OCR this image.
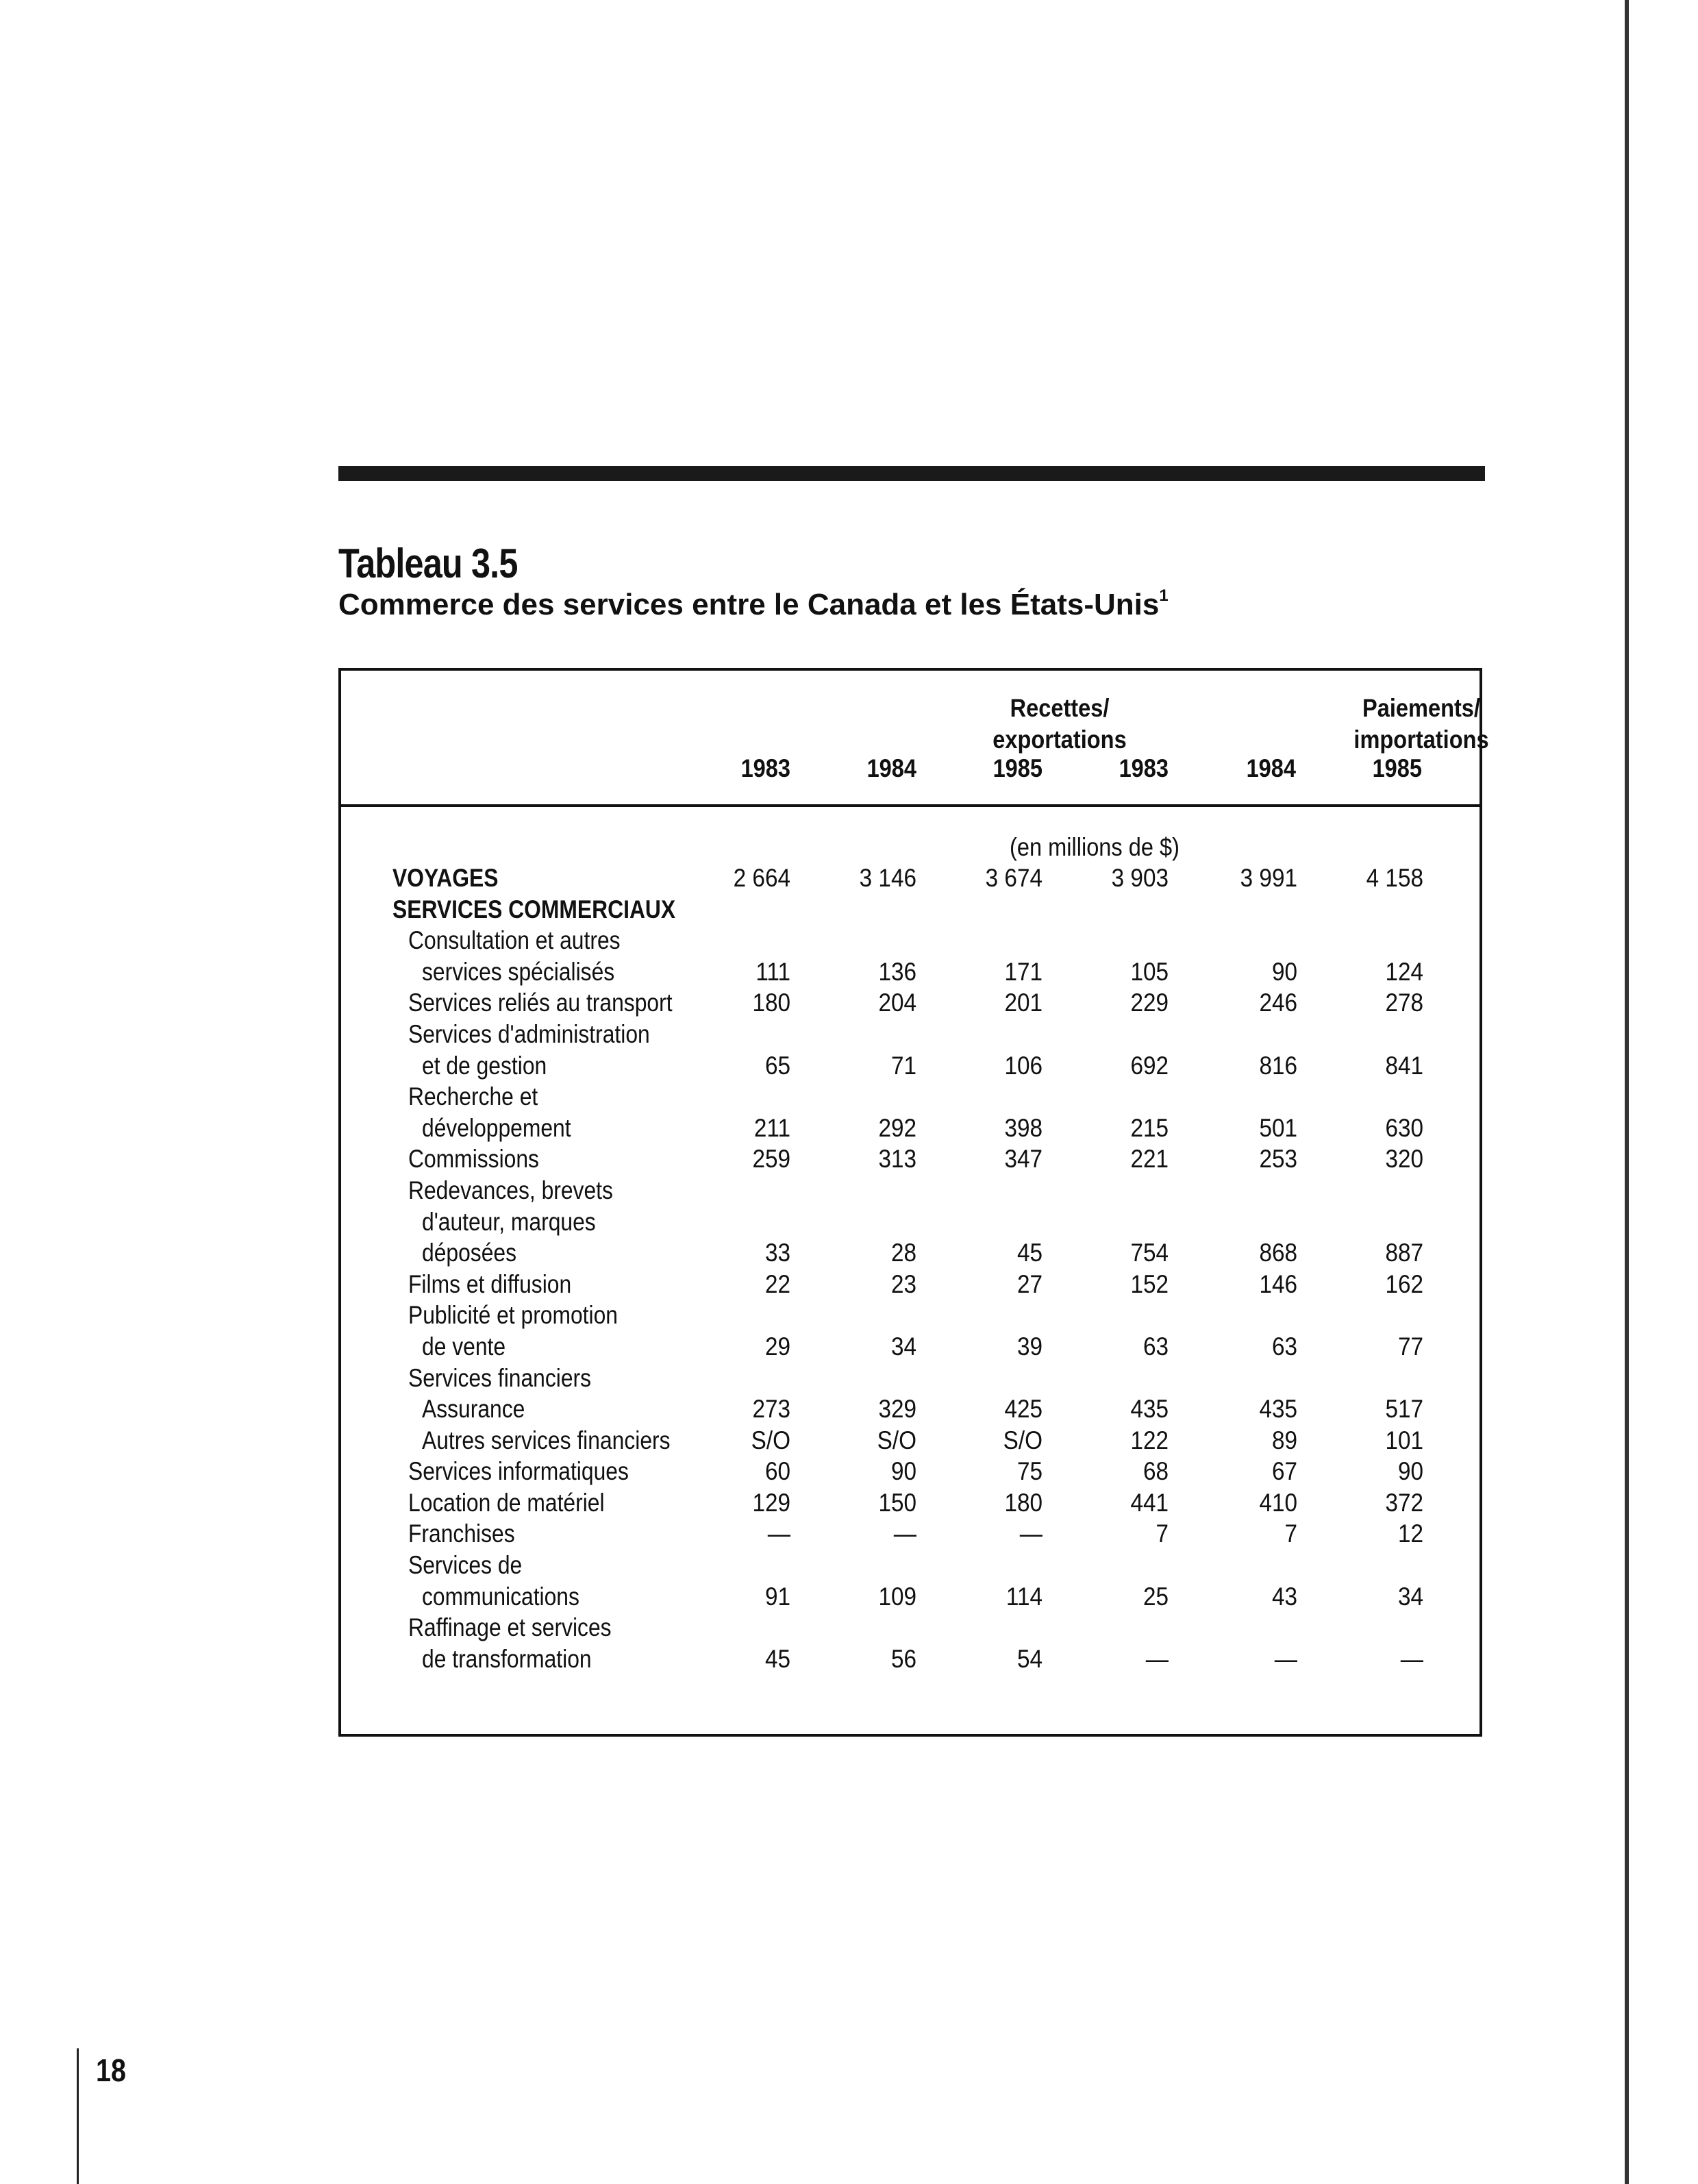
Tableau 3.5
Commerce des services entre le Canada et les États-Unis$^1$
Recettes/
exportations
Paiements/
importations
1983	1984	1985	1983	1984	1985
(en millions de $)
VOYAGES	2 664	3 146	3 674	3 903	3 991	4 158
SERVICES COMMERCIAUX
Consultation et autres
services spécialisés	111	136	171	105	90	124
Services reliés au transport	180	204	201	229	246	278
Services d'administration
et de gestion	65	71	106	692	816	841
Recherche et
développement	211	292	398	215	501	630
Commissions	259	313	347	221	253	320
Redevances, brevets
d'auteur, marques
déposées	33	28	45	754	868	887
Films et diffusion	22	23	27	152	146	162
Publicité et promotion
de vente	29	34	39	63	63	77
Services financiers
Assurance	273	329	425	435	435	517
Autres services financiers	S/O	S/O	S/O	122	89	101
Services informatiques	60	90	75	68	67	90
Location de matériel	129	150	180	441	410	372
Franchises	—	—	—	7	7	12
Services de
communications	91	109	114	25	43	34
Raffinage et services
de transformation	45	56	54	—	—	—
18
